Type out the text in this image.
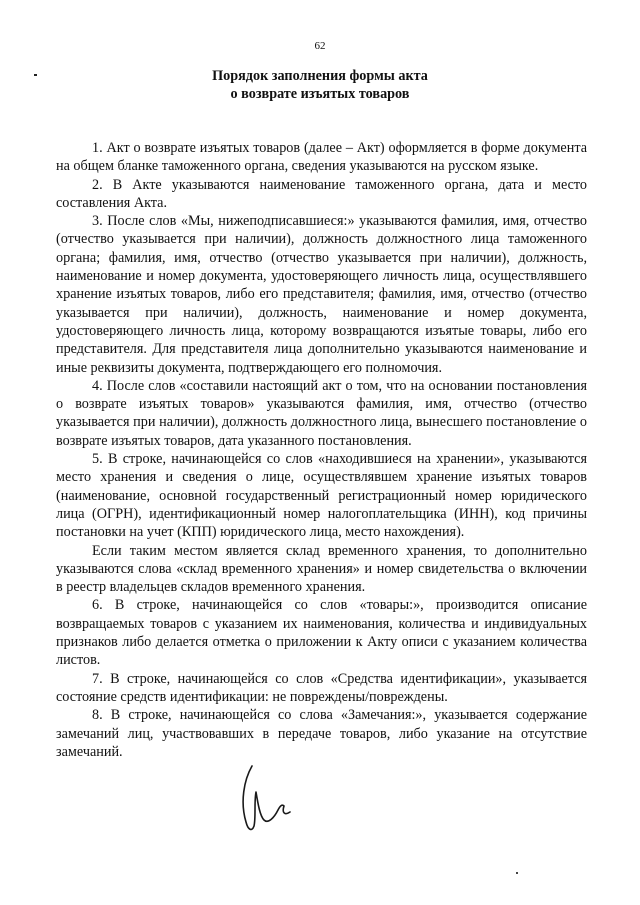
62
Порядок заполнения формы акта
о возврате изъятых товаров

1. Акт о возврате изъятых товаров (далее – Акт) оформляется в форме документа на общем бланке таможенного органа, сведения указываются на русском языке.

2. В Акте указываются наименование таможенного органа, дата и место составления Акта.

3. После слов «Мы, нижеподписавшиеся:» указываются фамилия, имя, отчество (отчество указывается при наличии), должность должностного лица таможенного органа; фамилия, имя, отчество (отчество указывается при наличии), должность, наименование и номер документа, удостоверяющего личность лица, осуществлявшего хранение изъятых товаров, либо его представителя; фамилия, имя, отчество (отчество указывается при наличии), должность, наименование и номер документа, удостоверяющего личность лица, которому возвращаются изъятые товары, либо его представителя. Для представителя лица дополнительно указываются наименование и иные реквизиты документа, подтверждающего его полномочия.

4. После слов «составили настоящий акт о том, что на основании постановления о возврате изъятых товаров» указываются фамилия, имя, отчество (отчество указывается при наличии), должность должностного лица, вынесшего постановление о возврате изъятых товаров, дата указанного постановления.

5. В строке, начинающейся со слов «находившиеся на хранении», указываются место хранения и сведения о лице, осуществлявшем хранение изъятых товаров (наименование, основной государственный регистрационный номер юридического лица (ОГРН), идентификационный номер налогоплательщика (ИНН), код причины постановки на учет (КПП) юридического лица, место нахождения).

Если таким местом является склад временного хранения, то дополнительно указываются слова «склад временного хранения» и номер свидетельства о включении в реестр владельцев складов временного хранения.

6. В строке, начинающейся со слов «товары:», производится описание возвращаемых товаров с указанием их наименования, количества и индивидуальных признаков либо делается отметка о приложении к Акту описи с указанием количества листов.

7. В строке, начинающейся со слов «Средства идентификации», указывается состояние средств идентификации: не повреждены/повреждены.

8. В строке, начинающейся со слова «Замечания:», указывается содержание замечаний лиц, участвовавших в передаче товаров, либо указание на отсутствие замечаний.
